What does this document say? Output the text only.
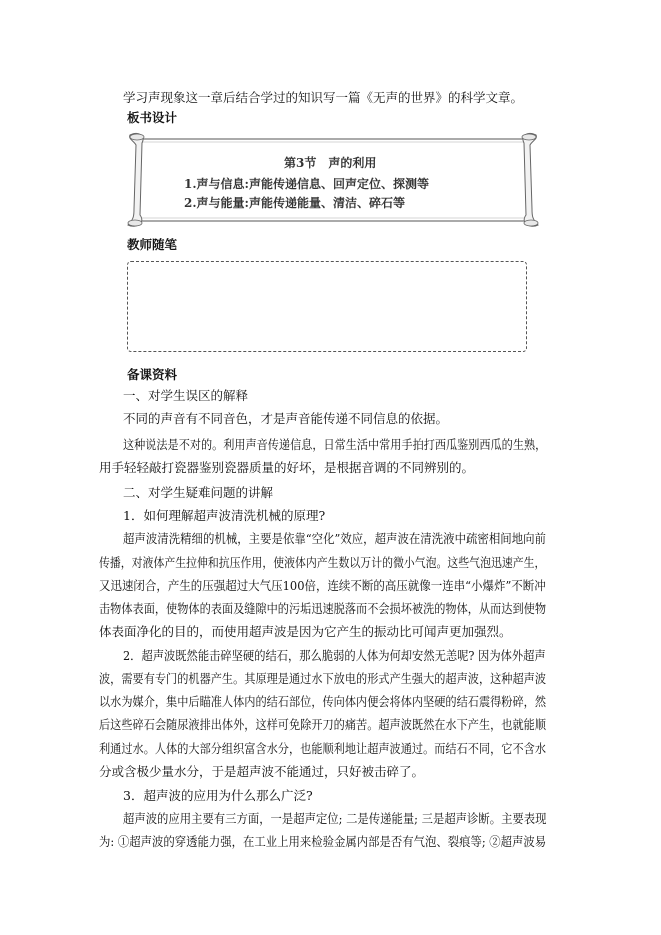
学习声现象这一章后结合学过的知识写一篇《无声的世界》的科学文章。
板书设计
第3节　声的利用
1.声与信息:声能传递信息、回声定位、探测等
2.声与能量:声能传递能量、清洁、碎石等
教师随笔
备课资料
一、对学生误区的解释
不同的声音有不同音色，才是声音能传递不同信息的依据。
这种说法是不对的。利用声音传递信息，日常生活中常用手拍打西瓜鉴别西瓜的生熟，
用手轻轻敲打瓷器鉴别瓷器质量的好坏，是根据音调的不同辨别的。
二、对学生疑难问题的讲解
1．如何理解超声波清洗机械的原理?
超声波清洗精细的机械，主要是依靠“空化”效应，超声波在清洗液中疏密相间地向前
传播，对液体产生拉伸和抗压作用，使液体内产生数以万计的微小气泡。这些气泡迅速产生，
又迅速闭合，产生的压强超过大气压100倍，连续不断的高压就像一连串“小爆炸”不断冲
击物体表面，使物体的表面及缝隙中的污垢迅速脱落而不会损坏被洗的物体，从而达到使物
体表面净化的目的，而使用超声波是因为它产生的振动比可闻声更加强烈。
2．超声波既然能击碎坚硬的结石，那么脆弱的人体为何却安然无恙呢? 因为体外超声
波，需要有专门的机器产生。其原理是通过水下放电的形式产生强大的超声波，这种超声波
以水为媒介，集中后瞄准人体内的结石部位，传向体内便会将体内坚硬的结石震得粉碎，然
后这些碎石会随尿液排出体外，这样可免除开刀的痛苦。超声波既然在水下产生，也就能顺
利通过水。人体的大部分组织富含水分，也能顺利地让超声波通过。而结石不同，它不含水
分或含极少量水分，于是超声波不能通过，只好被击碎了。
3．超声波的应用为什么那么广泛?
超声波的应用主要有三方面，一是超声定位; 二是传递能量; 三是超声诊断。主要表现
为: ①超声波的穿透能力强，在工业上用来检验金属内部是否有气泡、裂痕等; ②超声波易
